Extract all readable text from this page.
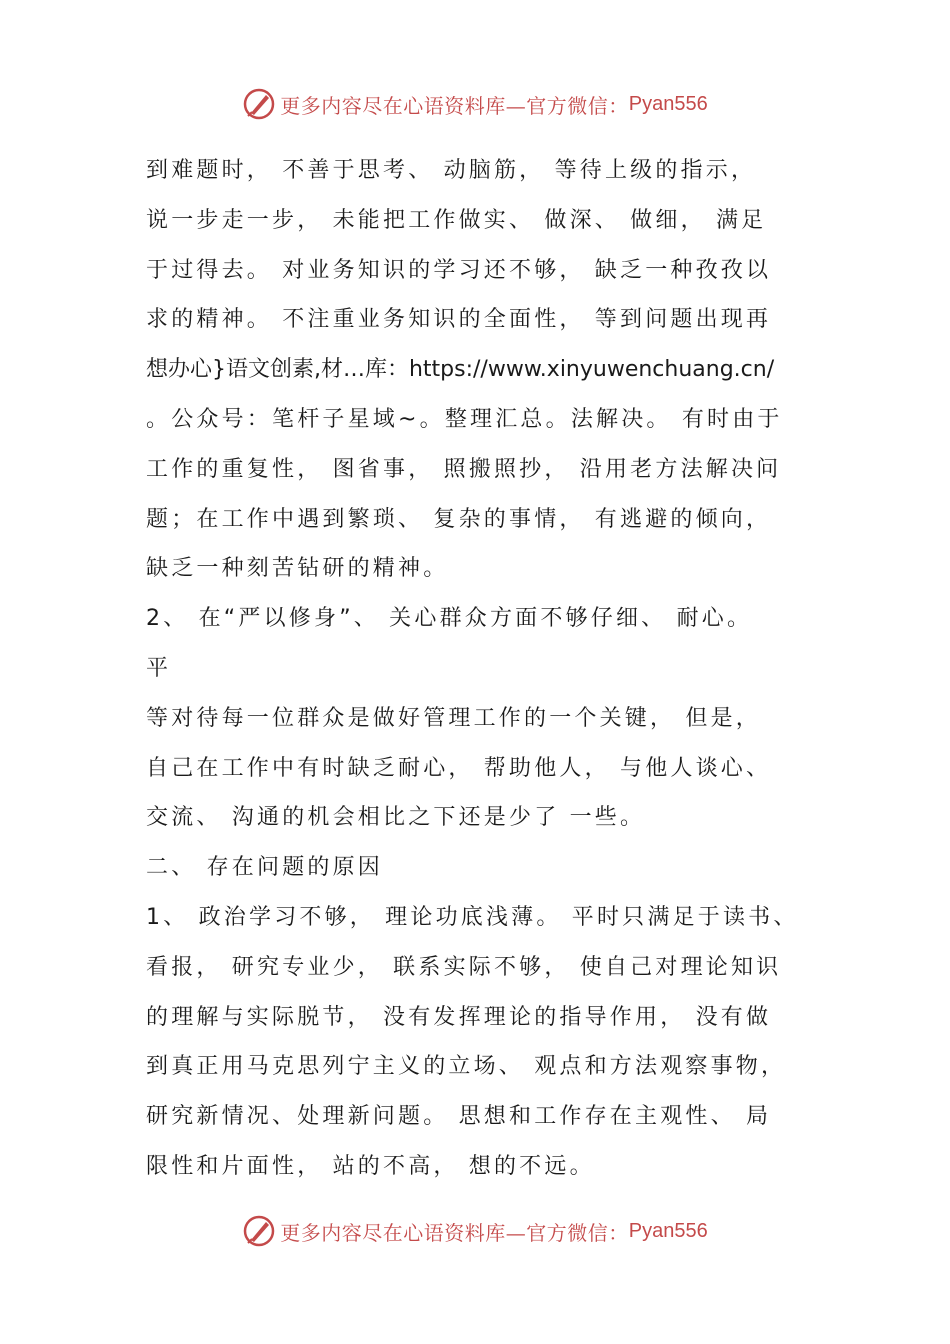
更多内容尽在心语资料库—官方微信： Pyan556
到难题时， 不善于思考、 动脑筋， 等待上级的指示，
说一步走一步， 未能把工作做实、 做深、 做细， 满足
于过得去。 对业务知识的学习还不够， 缺乏一种孜孜以
求的精神。 不注重业务知识的全面性， 等到问题出现再
想办心}语文创素,材…库：https://www.xinyuwenchuang.cn/
。公众号：笔杆子星域~。整理汇总。法解决。 有时由于
工作的重复性， 图省事， 照搬照抄， 沿用老方法解决问
题；在工作中遇到繁琐、 复杂的事情， 有逃避的倾向，
缺乏一种刻苦钻研的精神。
2、 在“严以修身”、 关心群众方面不够仔细、 耐心。
平
等对待每一位群众是做好管理工作的一个关键， 但是，
自己在工作中有时缺乏耐心， 帮助他人， 与他人谈心、
交流、 沟通的机会相比之下还是少了 一些。
二、 存在问题的原因
1、 政治学习不够， 理论功底浅薄。 平时只满足于读书、
看报， 研究专业少， 联系实际不够， 使自己对理论知识
的理解与实际脱节， 没有发挥理论的指导作用， 没有做
到真正用马克思列宁主义的立场、 观点和方法观察事物，
研究新情况、处理新问题。 思想和工作存在主观性、 局
限性和片面性， 站的不高， 想的不远。
更多内容尽在心语资料库—官方微信： Pyan556
